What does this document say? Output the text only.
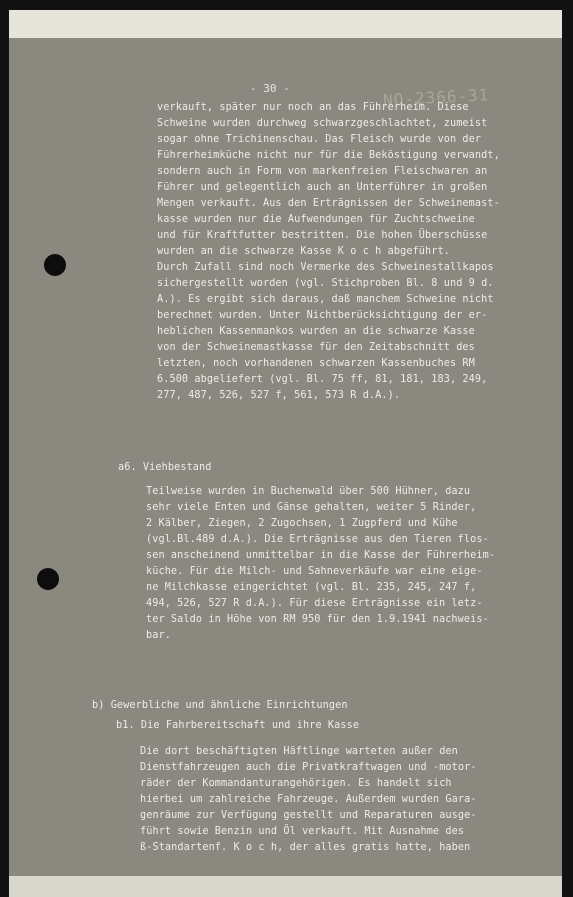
- 30 -	NO-2366-31
verkauft, später nur noch an das Führerheim. Diese
Schweine wurden durchweg schwarzgeschlachtet, zumeist
sogar ohne Trichinenschau. Das Fleisch wurde von der
Führerheimküche nicht nur für die Beköstigung verwandt,
sondern auch in Form von markenfreien Fleischwaren an
Führer und gelegentlich auch an Unterführer in großen
Mengen verkauft. Aus den Erträgnissen der Schweinemast-
kasse wurden nur die Aufwendungen für Zuchtschweine
und für Kraftfutter bestritten. Die hohen Überschüsse
wurden an die schwarze Kasse K o c h abgeführt.
Durch Zufall sind noch Vermerke des Schweinestallkapos
sichergestellt worden (vgl. Stichproben Bl. 8 und 9 d.
A.). Es ergibt sich daraus, daß manchem Schweine nicht
berechnet wurden. Unter Nichtberücksichtigung der er-
heblichen Kassenmankos wurden an die schwarze Kasse
von der Schweinemastkasse für den Zeitabschnitt des
letzten, noch vorhandenen schwarzen Kassenbuches RM
6.500 abgeliefert (vgl. Bl. 75 ff, 81, 181, 183, 249,
277, 487, 526, 527 f, 561, 573 R d.A.).
a6. Viehbestand
Teilweise wurden in Buchenwald über 500 Hühner, dazu
sehr viele Enten und Gänse gehalten, weiter 5 Rinder,
2 Kälber, Ziegen, 2 Zugochsen, 1 Zugpferd und Kühe
(vgl.Bl.489 d.A.). Die Erträgnisse aus den Tieren flos-
sen anscheinend unmittelbar in die Kasse der Führerheim-
küche. Für die Milch- und Sahneverkäufe war eine eige-
ne Milchkasse eingerichtet (vgl. Bl. 235, 245, 247 f,
494, 526, 527 R d.A.). Für diese Erträgnisse ein letz-
ter Saldo in Höhe von RM 950 für den 1.9.1941 nachweis-
bar.
b) Gewerbliche und ähnliche Einrichtungen
b1. Die Fahrbereitschaft und ihre Kasse
Die dort beschäftigten Häftlinge warteten außer den
Dienstfahrzeugen auch die Privatkraftwagen und -motor-
räder der Kommandanturangehörigen. Es handelt sich
hierbei um zahlreiche Fahrzeuge. Außerdem wurden Gara-
genräume zur Verfügung gestellt und Reparaturen ausge-
führt sowie Benzin und Öl verkauft. Mit Ausnahme des
ß-Standartenf. K o c h, der alles gratis hatte, haben
